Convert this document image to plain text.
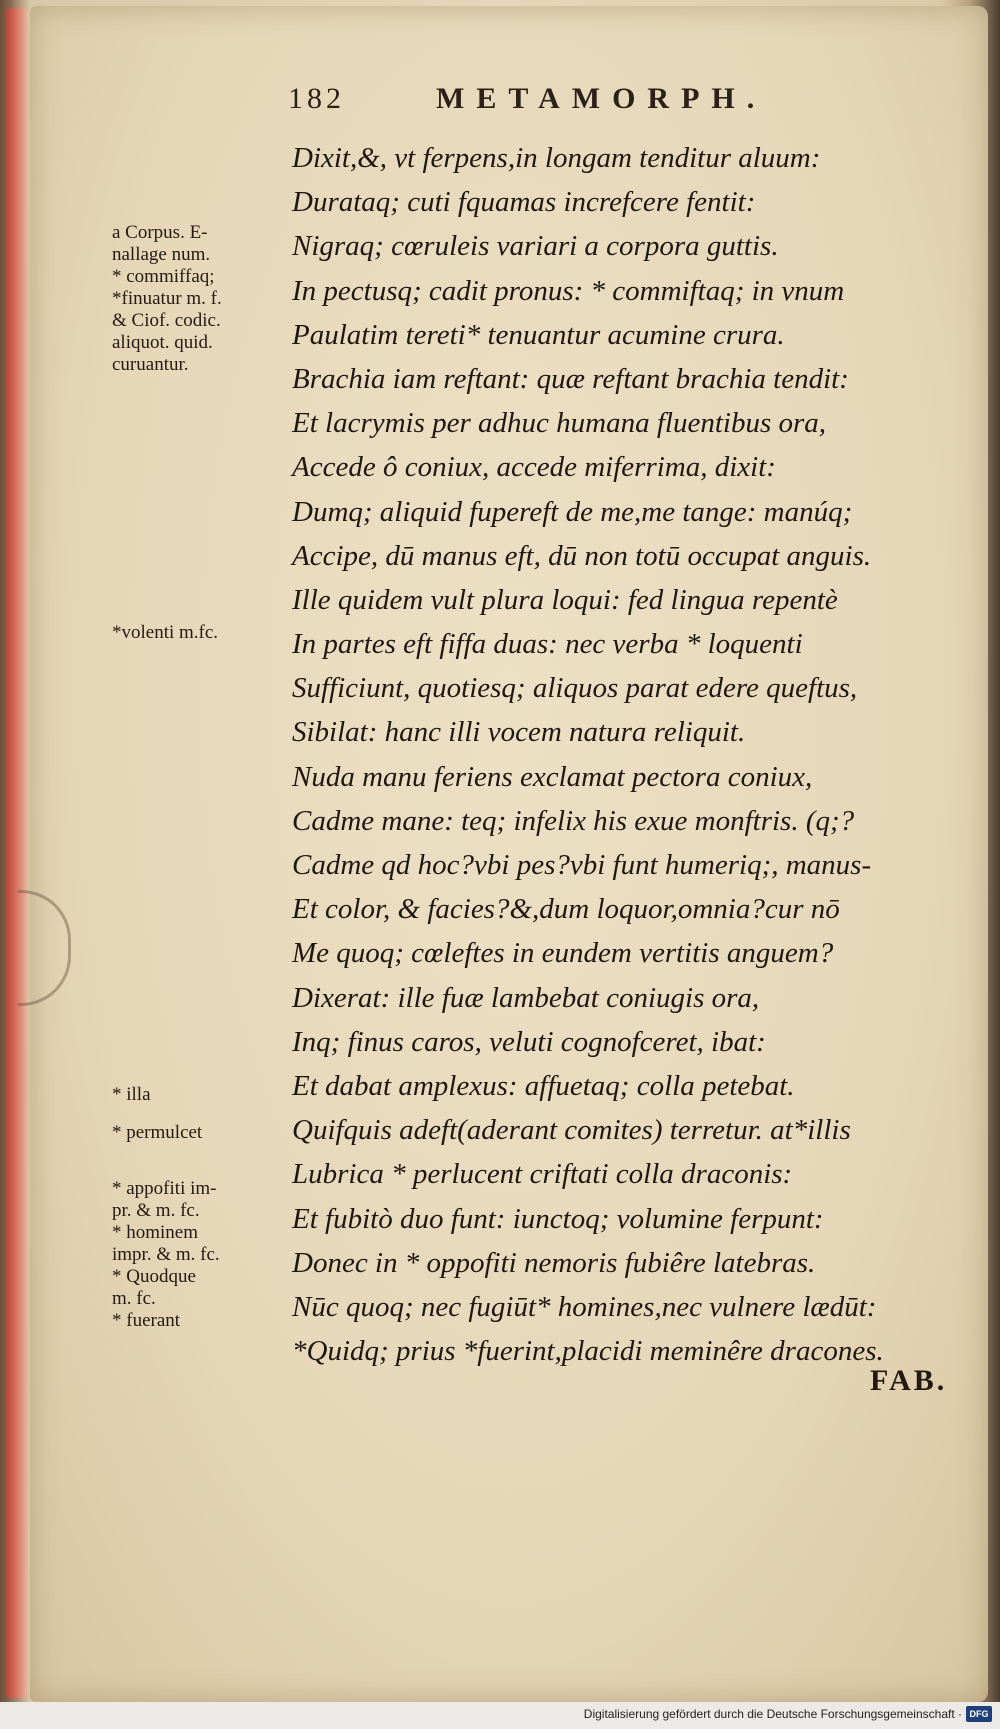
182	METAMORPH.
Dixit,&, vt ferpens,in longam tenditur aluum:
Durataq; cuti fquamas increfcere fentit:
Nigraq; cœruleis variari a corpora guttis.
In pectusq; cadit pronus: * commiftaq; in vnum
Paulatim tereti* tenuantur acumine crura.
Brachia iam reftant: quæ reftant brachia tendit:
Et lacrymis per adhuc humana fluentibus ora,
Accede ô coniux, accede miferrima, dixit:
Dumq; aliquid fupereft de me,me tange: manúq;
Accipe, dū manus eft, dū non totū occupat anguis.
Ille quidem vult plura loqui: fed lingua repentè
In partes eft fiffa duas: nec verba * loquenti
Sufficiunt, quotiesq; aliquos parat edere queftus,
Sibilat: hanc illi vocem natura reliquit.
Nuda manu feriens exclamat pectora coniux,
Cadme mane: teq; infelix his exue monftris. (q;?
Cadme qd hoc?vbi pes?vbi funt humeriq;, manus-
Et color, & facies?&,dum loquor,omnia?cur nō
Me quoq; cœleftes in eundem vertitis anguem?
Dixerat: ille fuæ lambebat coniugis ora,
Inq; finus caros, veluti cognofceret, ibat:
Et dabat amplexus: affuetaq; colla petebat.
Quifquis adeft(aderant comites) terretur. at*illis
Lubrica * perlucent criftati colla draconis:
Et fubitò duo funt: iunctoq; volumine ferpunt:
Donec in * oppofiti nemoris fubiêre latebras.
Nūc quoq; nec fugiūt* homines,nec vulnere lædūt:
*Quidq; prius *fuerint,placidi meminêre dracones.
a Corpus. E-
nallage num.
* commiffaq;
*finuatur m. f.
& Ciof. codic.
aliquot. quid.
curuantur.
*volenti m.fc.
* illa
* permulcet
* appofiti im-
pr. & m. fc.
* hominem
impr. & m. fc.
* Quodque
m. fc.
* fuerant
FAB.
Digitalisierung gefördert durch die Deutsche Forschungsgemeinschaft · DFG
